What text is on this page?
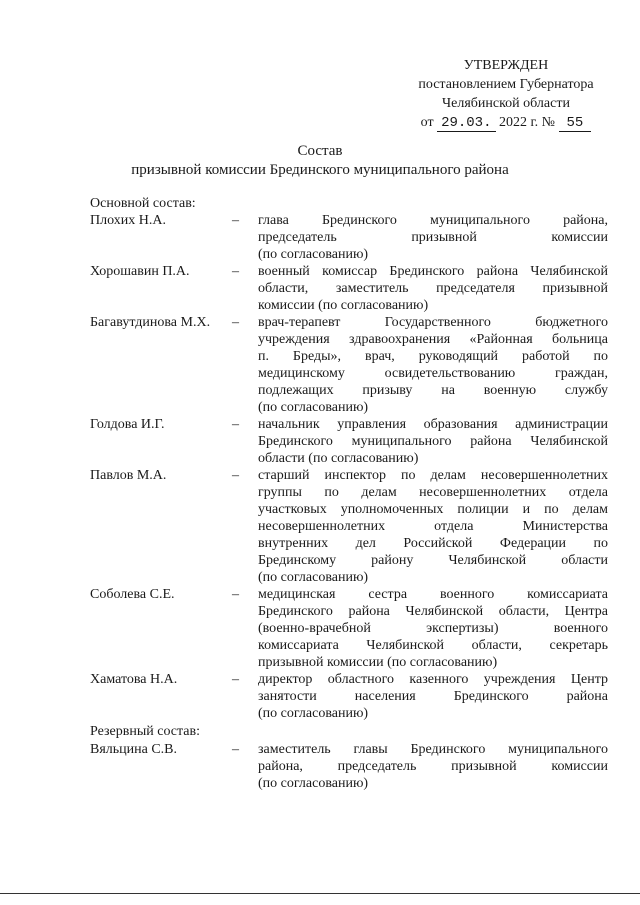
УТВЕРЖДЕН
постановлением Губернатора
Челябинской области
от 29.03. 2022 г. № 55
Состав
призывной комиссии Брединского муниципального района
Основной состав:
Плохих Н.А.	–	глава Брединского муниципального района,
председатель призывной комиссии
(по согласованию)
Хорошавин П.А.	–	военный комиссар Брединского района Челябинской
области, заместитель председателя призывной
комиссии (по согласованию)
Багавутдинова М.Х.	–	врач-терапевт Государственного бюджетного
учреждения здравоохранения «Районная больница
п. Бреды», врач, руководящий работой по
медицинскому освидетельствованию граждан,
подлежащих призыву на военную службу
(по согласованию)
Голдова И.Г.	–	начальник управления образования администрации
Брединского муниципального района Челябинской
области (по согласованию)
Павлов М.А.	–	старший инспектор по делам несовершеннолетних
группы по делам несовершеннолетних отдела
участковых уполномоченных полиции и по делам
несовершеннолетних отдела Министерства
внутренних дел Российской Федерации по
Брединскому району Челябинской области
(по согласованию)
Соболева С.Е.	–	медицинская сестра военного комиссариата
Брединского района Челябинской области, Центра
(военно-врачебной экспертизы) военного
комиссариата Челябинской области, секретарь
призывной комиссии (по согласованию)
Хаматова Н.А.	–	директор областного казенного учреждения Центр
занятости населения Брединского района
(по согласованию)
Резервный состав:
Вяльцина С.В.	–	заместитель главы Брединского муниципального
района, председатель призывной комиссии
(по согласованию)
